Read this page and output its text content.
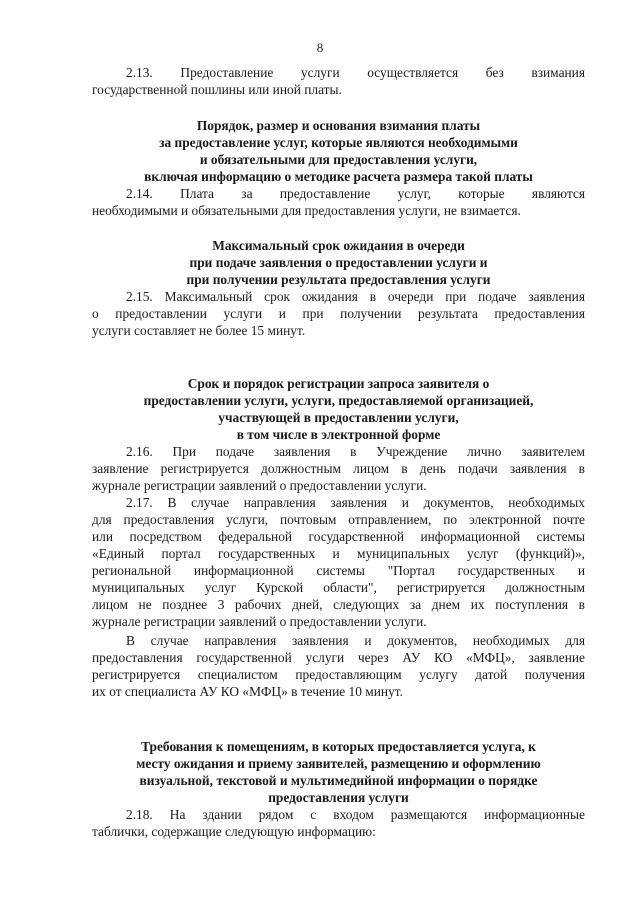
8

2.13. Предоставление услуги осуществляется без взимания
государственной пошлины или иной платы.

Порядок, размер и основания взимания платы
за предоставление услуг, которые являются необходимыми
и обязательными для предоставления услуги,
включая информацию о методике расчета размера такой платы

2.14. Плата за предоставление услуг, которые являются
необходимыми и обязательными для предоставления услуги, не взимается.

Максимальный срок ожидания в очереди
при подаче заявления о предоставлении услуги и
при получении результата предоставления услуги

2.15. Максимальный срок ожидания в очереди при подаче заявления
о предоставлении услуги и при получении результата предоставления
услуги составляет не более 15 минут.

Срок и порядок регистрации запроса заявителя о
предоставлении услуги, услуги, предоставляемой организацией,
участвующей в предоставлении услуги,
в том числе в электронной форме

2.16. При подаче заявления в Учреждение лично заявителем
заявление регистрируется должностным лицом в день подачи заявления в
журнале регистрации заявлений о предоставлении услуги.

2.17. В случае направления заявления и документов, необходимых
для предоставления услуги, почтовым отправлением, по электронной почте
или посредством федеральной государственной информационной системы
«Единый портал государственных и муниципальных услуг (функций)»,
региональной информационной системы "Портал государственных и
муниципальных услуг Курской области", регистрируется должностным
лицом не позднее 3 рабочих дней, следующих за днем их поступления в
журнале регистрации заявлений о предоставлении услуги.

В случае направления заявления и документов, необходимых для
предоставления государственной услуги через АУ КО «МФЦ», заявление
регистрируется специалистом предоставляющим услугу датой получения
их от специалиста АУ КО «МФЦ» в течение 10 минут.

Требования к помещениям, в которых предоставляется услуга, к
месту ожидания и приему заявителей, размещению и оформлению
визуальной, текстовой и мультимедийной информации о порядке
предоставления услуги

2.18. На здании рядом с входом размещаются информационные
таблички, содержащие следующую информацию:
